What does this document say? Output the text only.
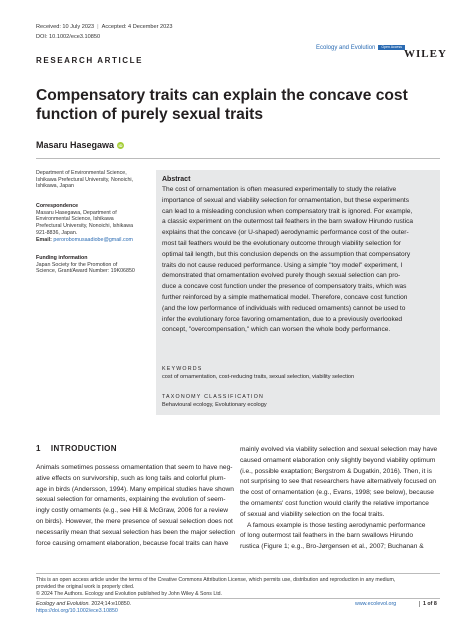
Received: 10 July 2023 | Accepted: 4 December 2023
DOI: 10.1002/ece3.10850
RESEARCH ARTICLE
Ecology and Evolution Open Access
WILEY
Compensatory traits can explain the concave cost function of purely sexual traits
Masaru Hasegawa iD
Department of Environmental Science,
Ishikawa Prefectural University, Nonoichi,
Ishikawa, Japan
Correspondence
Masaru Hasegawa, Department of
Environmental Science, Ishikawa
Prefectural University, Nonoichi, Ishikawa
921-8836, Japan.
Email: perorobomusaadiobe@gmail.com
Funding information
Japan Society for the Promotion of
Science, Grant/Award Number: 19K06850
Abstract
The cost of ornamentation is often measured experimentally to study the relative
importance of sexual and viability selection for ornamentation, but these experiments
can lead to a misleading conclusion when compensatory trait is ignored. For example,
a classic experiment on the outermost tail feathers in the barn swallow Hirundo rustica
explains that the concave (or U-shaped) aerodynamic performance cost of the outer-
most tail feathers would be the evolutionary outcome through viability selection for
optimal tail length, but this conclusion depends on the assumption that compensatory
traits do not cause reduced performance. Using a simple "toy model" experiment, I
demonstrated that ornamentation evolved purely though sexual selection can pro-
duce a concave cost function under the presence of compensatory traits, which was
further reinforced by a simple mathematical model. Therefore, concave cost function
(and the low performance of individuals with reduced ornaments) cannot be used to
infer the evolutionary force favoring ornamentation, due to a previously overlooked
concept, "overcompensation," which can worsen the whole body performance.
KEYWORDS
cost of ornamentation, cost-reducing traits, sexual selection, viability selection
TAXONOMY CLASSIFICATION
Behavioural ecology, Evolutionary ecology
1 INTRODUCTION
Animals sometimes possess ornamentation that seem to have neg-
ative effects on survivorship, such as long tails and colorful plum-
age in birds (Andersson, 1994). Many empirical studies have shown
sexual selection for ornaments, explaining the evolution of seem-
ingly costly ornaments (e.g., see Hill & McGraw, 2006 for a review
on birds). However, the mere presence of sexual selection does not
necessarily mean that sexual selection has been the major selection
force causing ornament elaboration, because focal traits can have
mainly evolved via viability selection and sexual selection may have
caused ornament elaboration only slightly beyond viability optimum
(i.e., possible exaptation; Bergstrom & Dugatkin, 2016). Then, it is
not surprising to see that researchers have alternatively focused on
the cost of ornamentation (e.g., Evans, 1998; see below), because
the ornaments' cost function would clarify the relative importance
of sexual and viability selection on the focal traits.
A famous example is those testing aerodynamic performance
of long outermost tail feathers in the barn swallows Hirundo
rustica (Figure 1; e.g., Bro-Jørgensen et al., 2007; Buchanan &
This is an open access article under the terms of the Creative Commons Attribution License, which permits use, distribution and reproduction in any medium,
provided the original work is properly cited.
© 2024 The Authors. Ecology and Evolution published by John Wiley & Sons Ltd.
Ecology and Evolution. 2024;14:e10850.
https://doi.org/10.1002/ece3.10850
www.ecolevol.org	1 of 8
